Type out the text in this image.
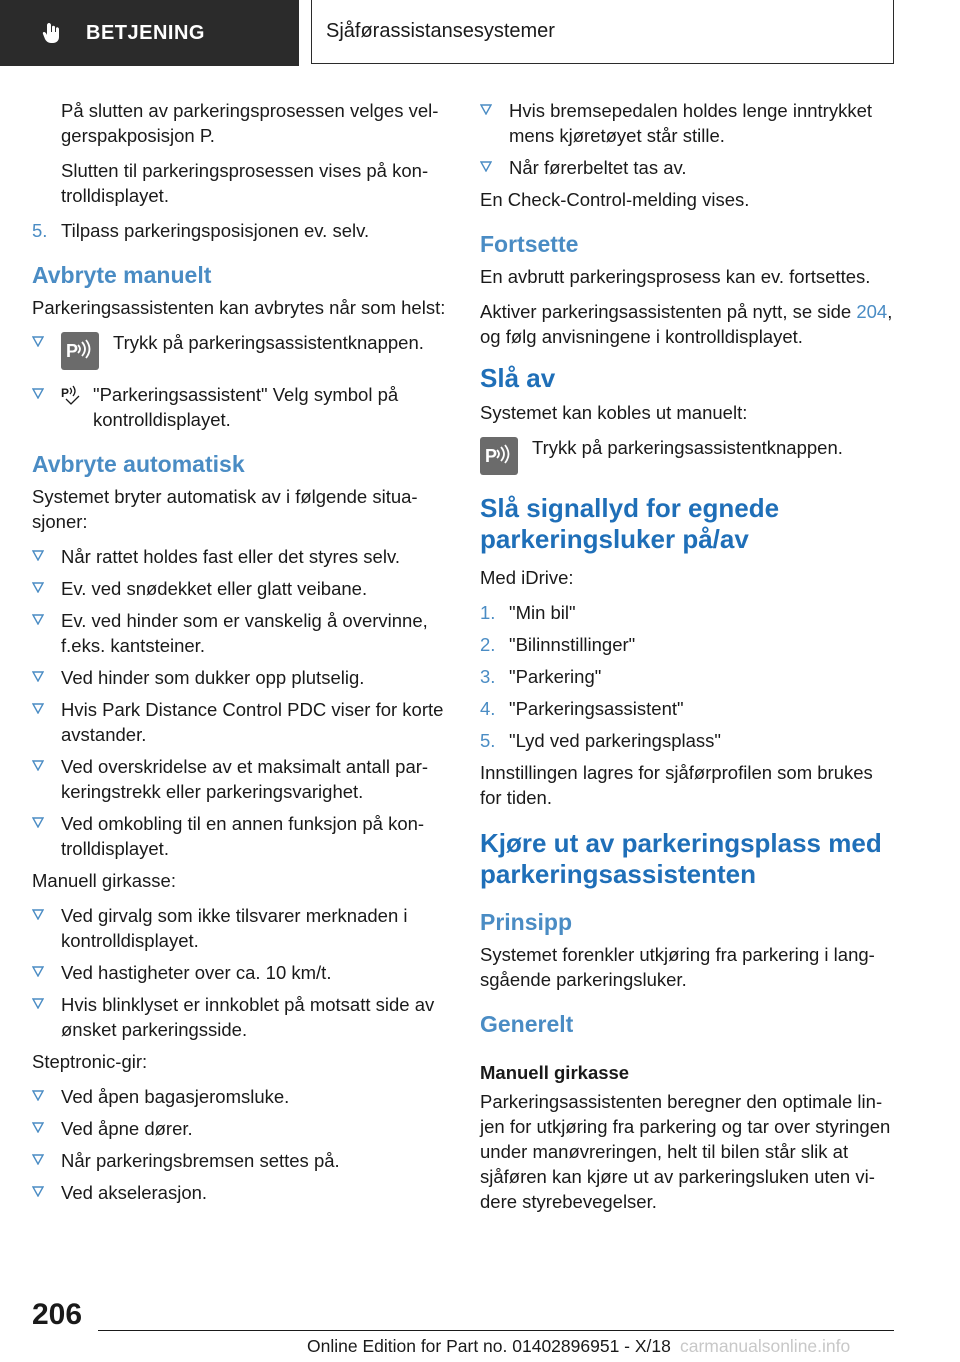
BETJENING	Sjåførassistansesystemer

På slutten av parkeringsprosessen velges velgerspakposisjon P.

Slutten til parkeringsprosessen vises på kontrolldisplayet.

5. Tilpass parkeringsposisjonen ev. selv.
Avbryte manuelt

Parkeringsassistenten kan avbrytes når som helst:

P Trykk på parkeringsassistentknappen.
P "Parkeringsassistent" Velg symbol på kontrolldisplayet.
Avbryte automatisk

Systemet bryter automatisk av i følgende situasjoner:

Når rattet holdes fast eller det styres selv.
Ev. ved snødekket eller glatt veibane.
Ev. ved hinder som er vanskelig å overvinne, f.eks. kantsteiner.
Ved hinder som dukker opp plutselig.
Hvis Park Distance Control PDC viser for korte avstander.
Ved overskridelse av et maksimalt antall parkeringstrekk eller parkeringsvarighet.
Ved omkobling til en annen funksjon på kontrolldisplayet.

Manuell girkasse:

Ved girvalg som ikke tilsvarer merknaden i kontrolldisplayet.
Ved hastigheter over ca. 10 km/t.
Hvis blinklyset er innkoblet på motsatt side av ønsket parkeringsside.

Steptronic-gir:

Ved åpen bagasjeromsluke.
Ved åpne dører.
Når parkeringsbremsen settes på.
Ved akselerasjon.
Hvis bremsepedalen holdes lenge inntrykket mens kjøretøyet står stille.
Når førerbeltet tas av.

En Check-Control-melding vises.

Fortsette

En avbrutt parkeringsprosess kan ev. fortsettes.

Aktiver parkeringsassistenten på nytt, se side 204, og følg anvisningene i kontrolldisplayet.

Slå av

Systemet kan kobles ut manuelt:

P Trykk på parkeringsassistentknappen.
Slå signallyd for egnede parkeringsluker på/av

Med iDrive:

1. "Min bil"
2. "Bilinnstillinger"
3. "Parkering"
4. "Parkeringsassistent"
5. "Lyd ved parkeringsplass"

Innstillingen lagres for sjåførprofilen som brukes for tiden.

Kjøre ut av parkeringsplass med parkeringsassistenten
Prinsipp

Systemet forenkler utkjøring fra parkering i langsgående parkeringsluker.

Generelt
Manuell girkasse

Parkeringsassistenten beregner den optimale linjen for utkjøring fra parkering og tar over styringen under manøvreringen, helt til bilen står slik at sjåføren kan kjøre ut av parkeringsluken uten videre styrebevegelser.

206
Online Edition for Part no. 01402896951 - X/18 carmanualsonline.info
